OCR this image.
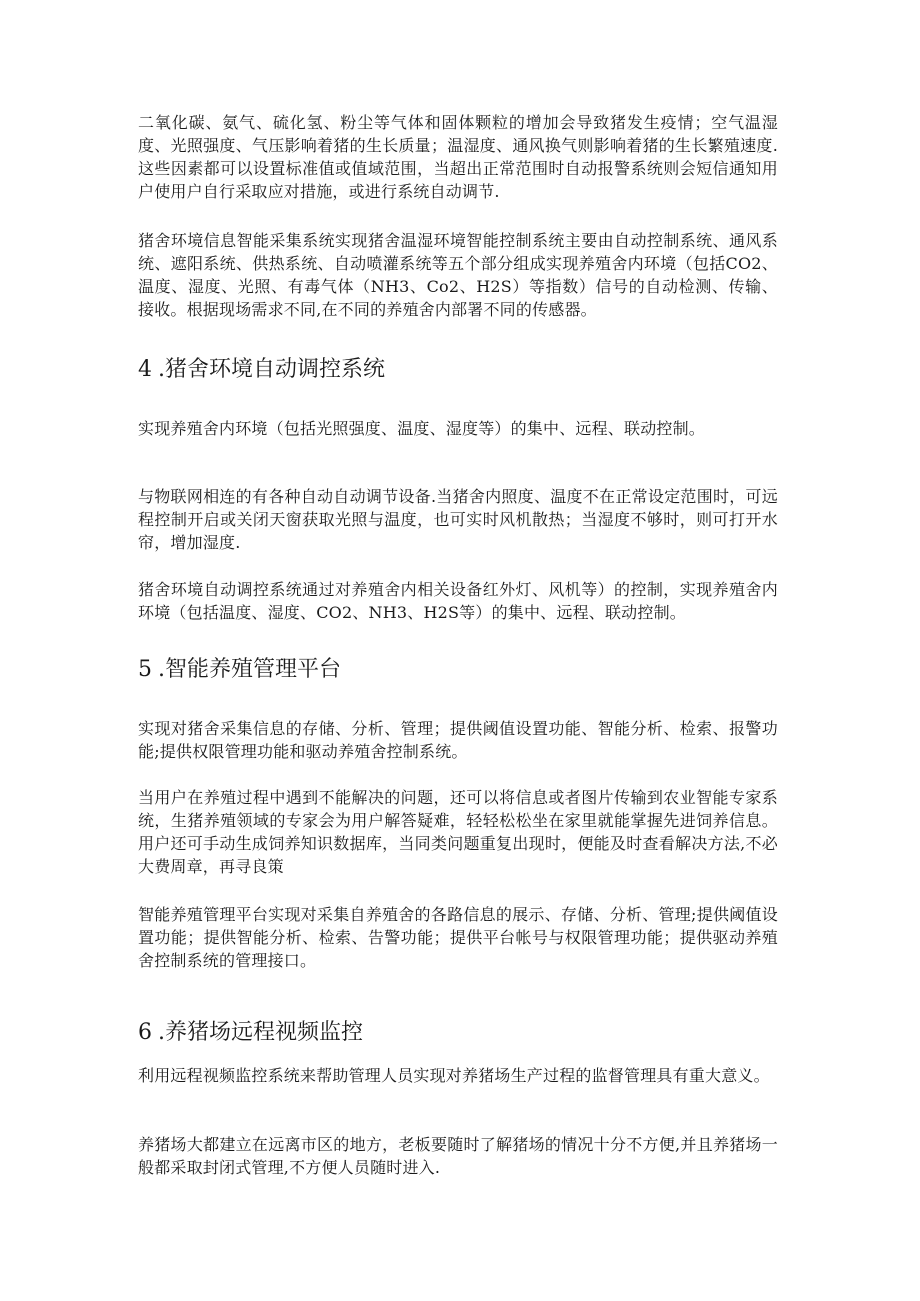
二氧化碳、氨气、硫化氢、粉尘等气体和固体颗粒的增加会导致猪发生疫情；空气温湿度、光照强度、气压影响着猪的生长质量；温湿度、通风换气则影响着猪的生长繁殖速度.这些因素都可以设置标准值或值域范围，当超出正常范围时自动报警系统则会短信通知用户使用户自行采取应对措施，或进行系统自动调节.

猪舍环境信息智能采集系统实现猪舍温湿环境智能控制系统主要由自动控制系统、通风系统、遮阳系统、供热系统、自动喷灌系统等五个部分组成实现养殖舍内环境（包括CO2、温度、湿度、光照、有毒气体（NH3、Co2、H2S）等指数）信号的自动检测、传输、接收。根据现场需求不同,在不同的养殖舍内部署不同的传感器。

4 .猪舍环境自动调控系统

实现养殖舍内环境（包括光照强度、温度、湿度等）的集中、远程、联动控制。

与物联网相连的有各种自动自动调节设备.当猪舍内照度、温度不在正常设定范围时，可远程控制开启或关闭天窗获取光照与温度，也可实时风机散热；当湿度不够时，则可打开水帘，增加湿度.

猪舍环境自动调控系统通过对养殖舍内相关设备红外灯、风机等）的控制，实现养殖舍内环境（包括温度、湿度、CO2、NH3、H2S等）的集中、远程、联动控制。

5 .智能养殖管理平台

实现对猪舍采集信息的存储、分析、管理；提供阈值设置功能、智能分析、检索、报警功能;提供权限管理功能和驱动养殖舍控制系统。

当用户在养殖过程中遇到不能解决的问题，还可以将信息或者图片传输到农业智能专家系统，生猪养殖领域的专家会为用户解答疑难，轻轻松松坐在家里就能掌握先进饲养信息。用户还可手动生成饲养知识数据库，当同类问题重复出现时，便能及时查看解决方法,不必大费周章，再寻良策

智能养殖管理平台实现对采集自养殖舍的各路信息的展示、存储、分析、管理;提供阈值设置功能；提供智能分析、检索、告警功能；提供平台帐号与权限管理功能；提供驱动养殖舍控制系统的管理接口。

6 .养猪场远程视频监控

利用远程视频监控系统来帮助管理人员实现对养猪场生产过程的监督管理具有重大意义。

养猪场大都建立在远离市区的地方，老板要随时了解猪场的情况十分不方便,并且养猪场一般都采取封闭式管理,不方便人员随时进入.
